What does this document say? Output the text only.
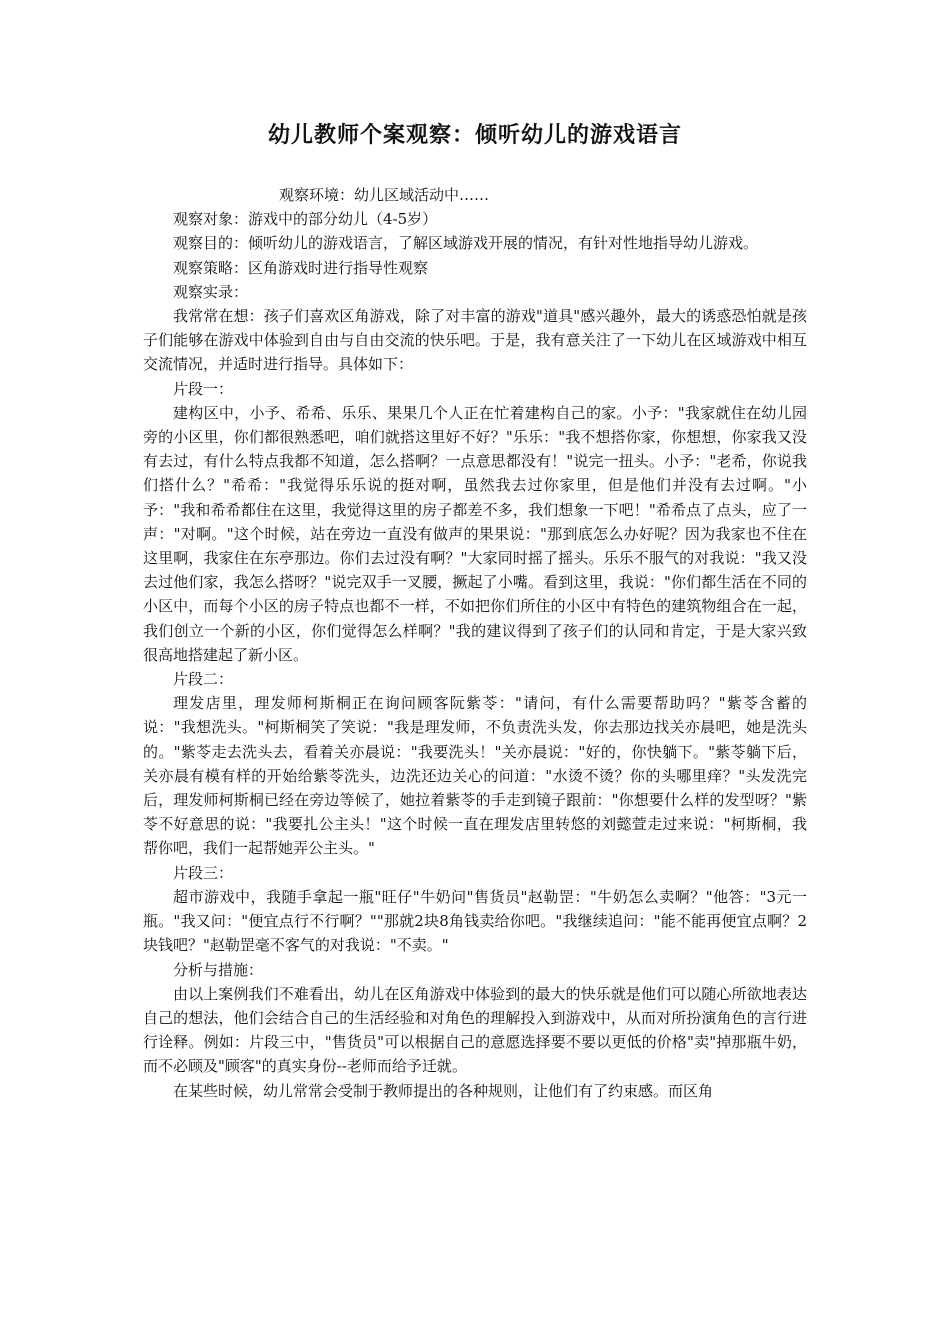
幼儿教师个案观察：倾听幼儿的游戏语言

观察环境：幼儿区域活动中……

观察对象：游戏中的部分幼儿（4-5岁）

观察目的：倾听幼儿的游戏语言，了解区域游戏开展的情况，有针对性地指导幼儿游戏。

观察策略：区角游戏时进行指导性观察

观察实录：

我常常在想：孩子们喜欢区角游戏，除了对丰富的游戏"道具"感兴趣外，最大的诱惑恐怕就是孩子们能够在游戏中体验到自由与自由交流的快乐吧。于是，我有意关注了一下幼儿在区域游戏中相互交流情况，并适时进行指导。具体如下：

片段一：

建构区中，小予、希希、乐乐、果果几个人正在忙着建构自己的家。小予："我家就住在幼儿园旁的小区里，你们都很熟悉吧，咱们就搭这里好不好？"乐乐："我不想搭你家，你想想，你家我又没有去过，有什么特点我都不知道，怎么搭啊？一点意思都没有！"说完一扭头。小予："老希，你说我们搭什么？"希希："我觉得乐乐说的挺对啊，虽然我去过你家里，但是他们并没有去过啊。"小予："我和希希都住在这里，我觉得这里的房子都差不多，我们想象一下吧！"希希点了点头，应了一声："对啊。"这个时候，站在旁边一直没有做声的果果说："那到底怎么办好呢？因为我家也不住在这里啊，我家住在东亭那边。你们去过没有啊？"大家同时摇了摇头。乐乐不服气的对我说："我又没去过他们家，我怎么搭呀？"说完双手一叉腰，撅起了小嘴。看到这里，我说："你们都生活在不同的小区中，而每个小区的房子特点也都不一样，不如把你们所住的小区中有特色的建筑物组合在一起，我们创立一个新的小区，你们觉得怎么样啊？"我的建议得到了孩子们的认同和肯定，于是大家兴致很高地搭建起了新小区。

片段二：

理发店里，理发师柯斯桐正在询问顾客阮紫苓："请问，有什么需要帮助吗？"紫苓含蓄的说："我想洗头。"柯斯桐笑了笑说："我是理发师，不负责洗头发，你去那边找关亦晨吧，她是洗头的。"紫苓走去洗头去，看着关亦晨说："我要洗头！"关亦晨说："好的，你快躺下。"紫苓躺下后，关亦晨有模有样的开始给紫苓洗头，边洗还边关心的问道："水烫不烫？你的头哪里痒？"头发洗完后，理发师柯斯桐已经在旁边等候了，她拉着紫苓的手走到镜子跟前："你想要什么样的发型呀？"紫苓不好意思的说："我要扎公主头！"这个时候一直在理发店里转悠的刘懿萱走过来说："柯斯桐，我帮你吧，我们一起帮她弄公主头。"

片段三：

超市游戏中，我随手拿起一瓶"旺仔"牛奶问"售货员"赵勒罡："牛奶怎么卖啊？"他答："3元一瓶。"我又问："便宜点行不行啊？""那就2块8角钱卖给你吧。"我继续追问："能不能再便宜点啊？2块钱吧？"赵勒罡毫不客气的对我说："不卖。"

分析与措施：

由以上案例我们不难看出，幼儿在区角游戏中体验到的最大的快乐就是他们可以随心所欲地表达自己的想法，他们会结合自己的生活经验和对角色的理解投入到游戏中，从而对所扮演角色的言行进行诠释。例如：片段三中，"售货员"可以根据自己的意愿选择要不要以更低的价格"卖"掉那瓶牛奶，而不必顾及"顾客"的真实身份--老师而给予迁就。

在某些时候，幼儿常常会受制于教师提出的各种规则，让他们有了约束感。而区角
